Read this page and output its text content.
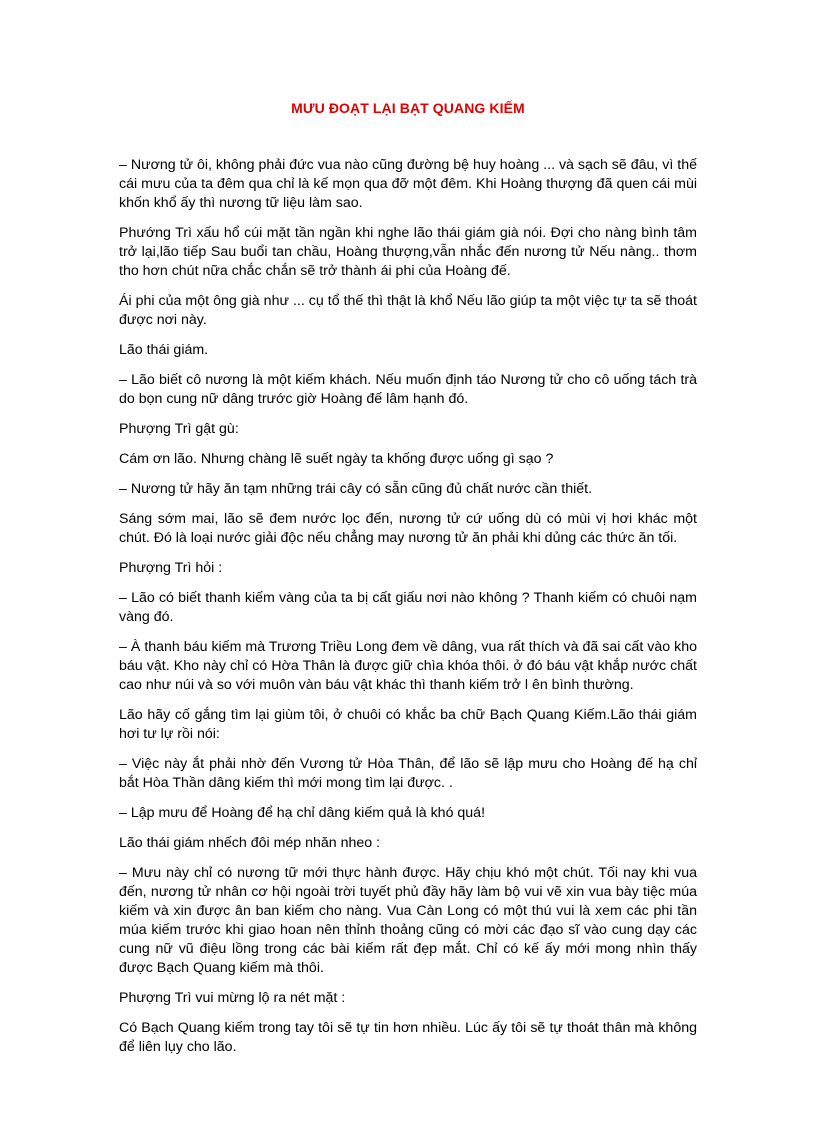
MƯU ĐOẠT LẠI BẠT QUANG KIẾM

– Nương tử ôi, không phải đức vua nào cũng đường bệ huy hoàng ... và sạch sẽ đâu, vì thế cái mưu của ta đêm qua chỉ là kế mọn qua đỡ một đêm. Khi Hoàng thượng đã quen cái mùi khốn khổ ấy thì nương tữ liệu làm sao.

Phướng Trì xấu hổ cúi mặt tần ngần khi nghe lão thái giám già nói. Đợi cho nàng bình tâm trở lại,lão tiếp Sau buổi tan chầu, Hoàng thượng,vẫn nhắc đến nương tử Nếu nàng.. thơm tho hơn chút nữa chắc chắn sẽ trở thành ái phi của Hoàng đế.

Ái phi của một ông già như ... cụ tổ thế thì thật là khổ Nếu lão giúp ta một việc tự ta sẽ thoát được nơi này.

Lão thái giám.

– Lão biết cô nương là một kiếm khách. Nếu muốn định táo Nương tử cho cô uống tách trà do bọn cung nữ dâng trước giờ Hoàng đế lâm hạnh đó.

Phượng Trì gật gù:

Cám ơn lão. Nhưng chàng lẽ suết ngày ta khống được uống gì sạo ?

– Nương tử hãy ăn tạm những trái cây có sẵn cũng đủ chất nước cần thiết.

Sáng sớm mai, lão sẽ đem nước lọc đến, nương tử cứ uống dù có mùi vị hơi khác một chút. Đó là loại nước giải độc nếu chẳng may nương tử ăn phải khi dủng các thức ăn tối.

Phượng Trì hỏi :

– Lão có biết thanh kiếm vàng của ta bị cất giấu nơi nào không ? Thanh kiếm có chuôi nạm vàng đó.

– À thanh báu kiếm mà Trương Triều Long đem về dâng, vua rất thích và đã sai cất vào kho báu vật. Kho này chỉ có Hờa Thân là được giữ chìa khóa thôi. ở đó báu vật khắp nước chất cao như núi và so với muôn vàn báu vật khác thì thanh kiếm trở l ên bình thường.

Lão hãy cố gắng tìm lại giùm tôi, ở chuôi có khắc ba chữ Bạch Quang Kiếm.Lão thái giám hơi tư lự rồi nói:

– Việc này ắt phải nhờ đến Vương tử Hòa Thân, để lão sẽ lập mưu cho Hoàng đế hạ chỉ bắt Hòa Thần dâng kiếm thì mới mong tìm lại được. .

– Lập mưu để Hoàng để hạ chỉ dâng kiếm quả là khó quá!

Lão thái giám nhếch đôi mép nhăn nheo :

– Mưu này chỉ có nương tữ mới thực hành được. Hãy chịu khó một chút. Tối nay khi vua đến, nương tử nhân cơ hội ngoài trời tuyết phủ đầy hãy làm bộ vui vẽ xin vua bày tiệc múa kiếm và xin được ân ban kiếm cho nàng. Vua Càn Long có một thú vui là xem các phi tần múa kiếm trước khi giao hoan nên thỉnh thoảng cũng có mời các đạo sĩ vào cung dạy các cung nữ vũ điệu lồng trong các bài kiếm rất đẹp mắt. Chỉ có kế ấy mới mong nhìn thấy được Bạch Quang kiếm mà thôi.

Phượng Trì vui mừng lộ ra nét mặt :

Có Bạch Quang kiếm trong tay tôi sẽ tự tin hơn nhiều. Lúc ấy tôi sẽ tự thoát thân mà không để liên lụy cho lão.
